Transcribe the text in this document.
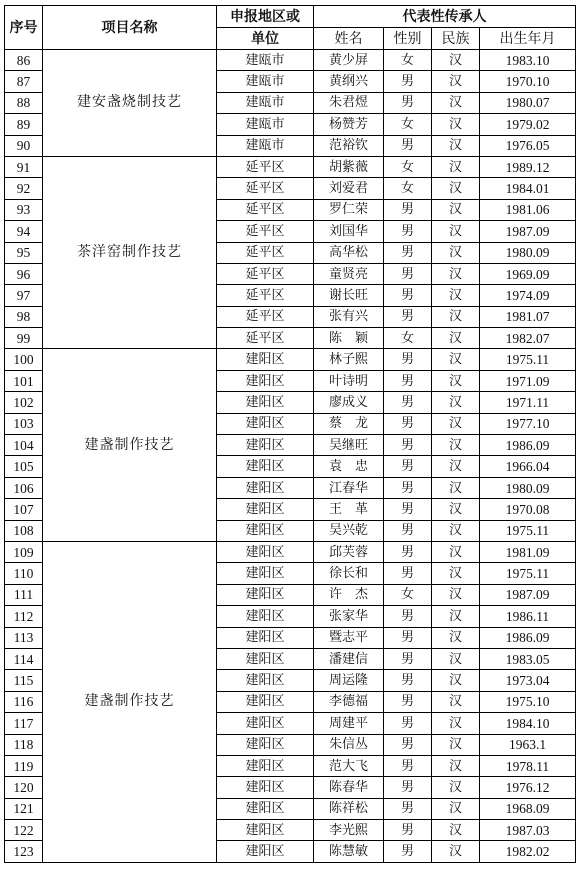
序号	项目名称	申报地区或	代表性传承人			
		单位	姓名	性别	民族	出生年月
86	建安盏烧制技艺	建瓯市	黄少屏	女	汉	1983.10
87		建瓯市	黄纲兴	男	汉	1970.10
88		建瓯市	朱君煜	男	汉	1980.07
89		建瓯市	杨赞芳	女	汉	1979.02
90		建瓯市	范裕钦	男	汉	1976.05
91	茶洋窑制作技艺	延平区	胡紫薇	女	汉	1989.12
92		延平区	刘爱君	女	汉	1984.01
93		延平区	罗仁荣	男	汉	1981.06
94		延平区	刘国华	男	汉	1987.09
95		延平区	高华松	男	汉	1980.09
96		延平区	童贤亮	男	汉	1969.09
97		延平区	谢长旺	男	汉	1974.09
98		延平区	张有兴	男	汉	1981.07
99		延平区	陈　颖	女	汉	1982.07
100	建盏制作技艺	建阳区	林子熙	男	汉	1975.11
101		建阳区	叶诗明	男	汉	1971.09
102		建阳区	廖成义	男	汉	1971.11
103		建阳区	蔡　龙	男	汉	1977.10
104		建阳区	吴继旺	男	汉	1986.09
105		建阳区	袁　忠	男	汉	1966.04
106		建阳区	江春华	男	汉	1980.09
107		建阳区	王　革	男	汉	1970.08
108		建阳区	吴兴乾	男	汉	1975.11
109	建盏制作技艺	建阳区	邱芙蓉	男	汉	1981.09
110		建阳区	徐长和	男	汉	1975.11
111		建阳区	许　杰	女	汉	1987.09
112		建阳区	张家华	男	汉	1986.11
113		建阳区	暨志平	男	汉	1986.09
114		建阳区	潘建信	男	汉	1983.05
115		建阳区	周运隆	男	汉	1973.04
116		建阳区	李德福	男	汉	1975.10
117		建阳区	周建平	男	汉	1984.10
118		建阳区	朱信丛	男	汉	1963.1
119		建阳区	范大飞	男	汉	1978.11
120		建阳区	陈春华	男	汉	1976.12
121		建阳区	陈祥松	男	汉	1968.09
122		建阳区	李光熙	男	汉	1987.03
123		建阳区	陈慧敏	男	汉	1982.02
